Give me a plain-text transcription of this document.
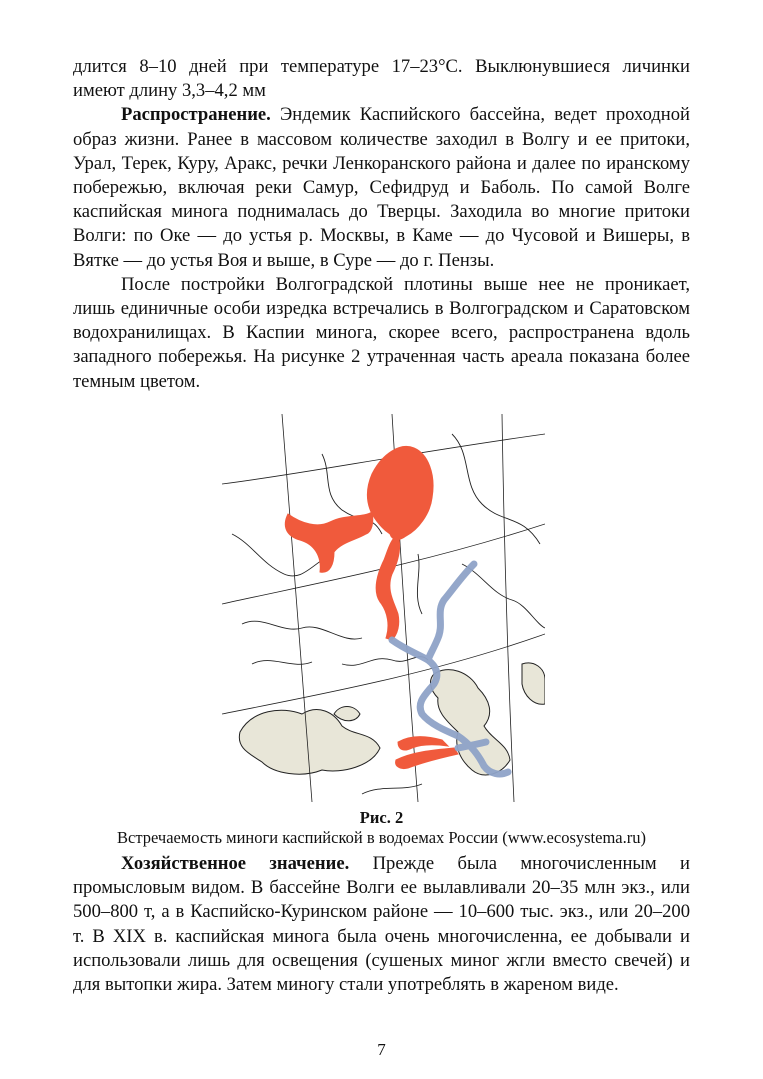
длится 8–10 дней при температуре 17–23°С. Выклюнувшиеся личинки имеют длину 3,3–4,2 мм

Распространение. Эндемик Каспийского бассейна, ведет проходной образ жизни. Ранее в массовом количестве заходил в Волгу и ее притоки, Урал, Терек, Куру, Аракс, речки Ленкоранского района и далее по иранскому побережью, включая реки Самур, Сефидруд и Баболь. По самой Волге каспийская минога поднималась до Тверцы. Заходила во многие притоки Волги: по Оке — до устья р. Москвы, в Каме — до Чусовой и Вишеры, в Вятке — до устья Воя и выше, в Суре — до г. Пензы.

После постройки Волгоградской плотины выше нее не проникает, лишь единичные особи изредка встречались в Волгоградском и Саратовском водохранилищах. В Каспии минога, скорее всего, распространена вдоль западного побережья. На рисунке 2 утраченная часть ареала показана более темным цветом.

Рис. 2
Встречаемость миноги каспийской в водоемах России (www.ecosystema.ru)

Хозяйственное значение. Прежде была многочисленным и промысловым видом. В бассейне Волги ее вылавливали 20–35 млн экз., или 500–800 т, а в Каспийско-Куринском районе — 10–600 тыс. экз., или 20–200 т. В XIX в. каспийская минога была очень многочисленна, ее добывали и использовали лишь для освещения (сушеных миног жгли вместо свечей) и для вытопки жира. Затем миногу стали употреблять в жареном виде.

7
